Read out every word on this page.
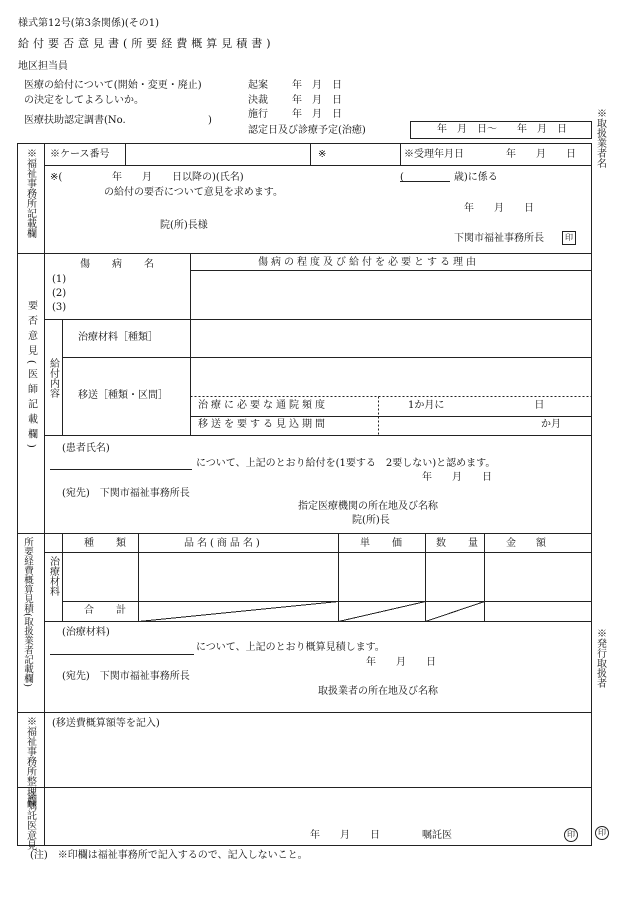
様式第12号(第3条関係)(その1)
給付要否意見書(所要経費概算見積書)
地区担当員
医療の給付について(開始・変更・廃止)
の決定をしてよろしいか。
医療扶助認定調書(No.	)
起案 年　月　日
決裁 年　月　日
施行 年　月　日
認定日及び診療予定(治癒)	年　月　日〜　　年　月　日	※取扱業者名
※発行取扱者
印
※福祉事務所記載欄 ※ケース番号	※	※受理年月日	年　　月　　日
※(	年　　月　　日以降の)(氏名)	(　　　　　歳)に係る
の給付の要否について意見を求めます。
年　　月　　日
院(所)長様
下関市福祉事務所長	印
要否意見(医師記載欄)
傷　病　名	傷病の程度及び給付を必要とする理由
(1)
(2)
(3)
給付内容
治療材料［種類］
移送［種類・区間］
治療に必要な通院頻度	1か月に　　　　　　　　　日
移送を要する見込期間	か月
(患者氏名)
について、上記のとおり給付を(1要する　2要しない)と認めます。
年　　月　　日
(宛先)　下関市福祉事務所長
指定医療機関の所在地及び名称
院(所)長
所要経費概算見積(取扱業者記載欄) 治療材料
種　類	品名(商品名)	単　価	数　量 金　　額
合　計
(治療材料)
について、上記のとおり概算見積します。
年　　月　　日
(宛先)　下関市福祉事務所長
取扱業者の所在地及び名称
※福祉事務所整理欄 (移送費概算額等を記入)
※嘱託医意見	年　　月　　日	嘱託医	印
(注)　※印欄は福祉事務所で記入するので、記入しないこと。
